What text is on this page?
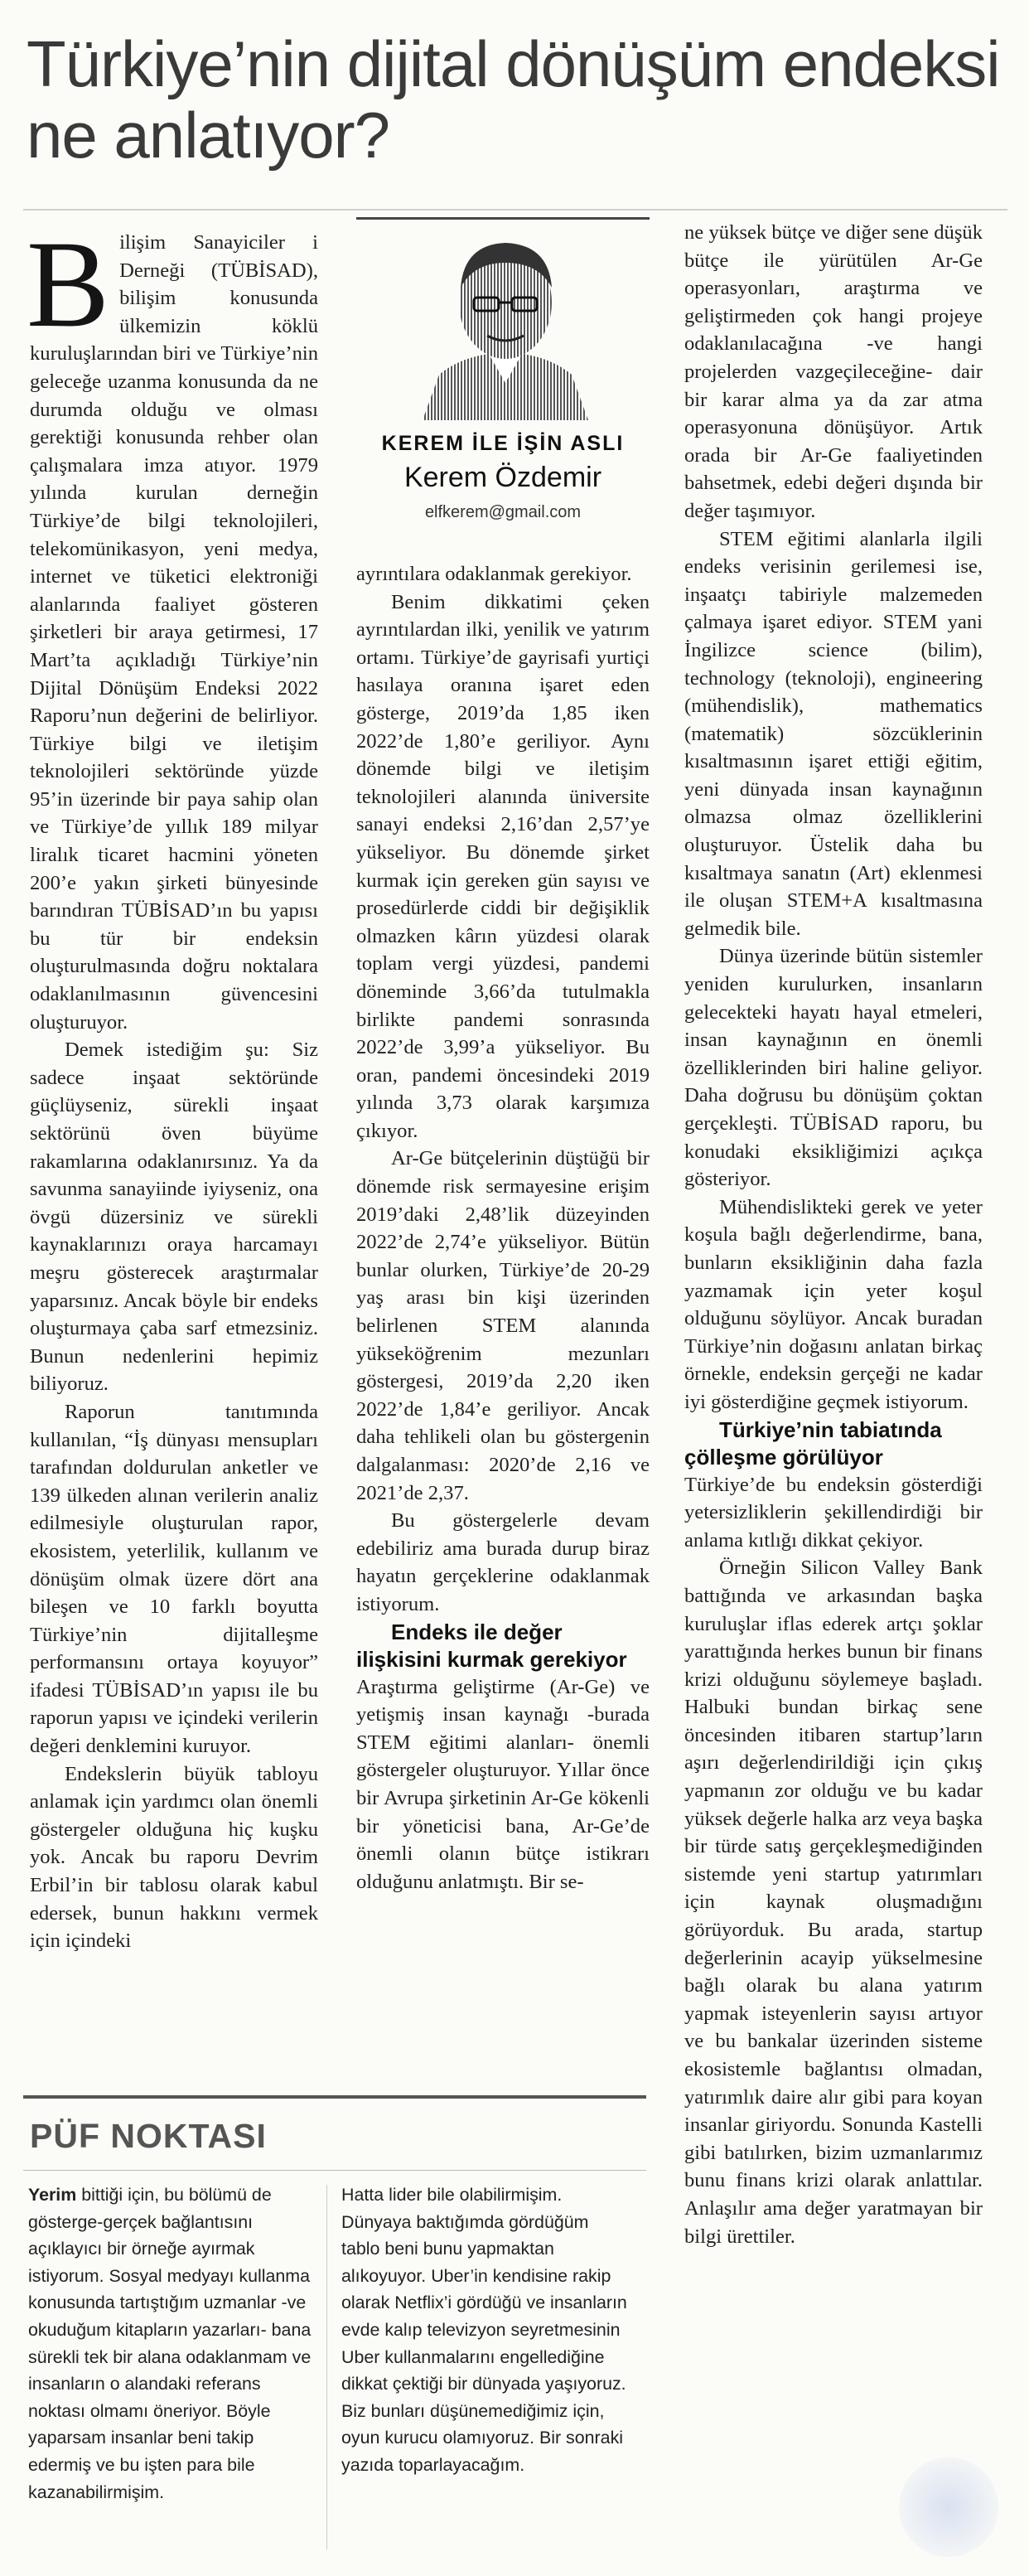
Türkiye’nin dijital dönüşüm endeksi ne anlatıyor?

Bilişim Sanayiciler i Derneği (TÜBİSAD), bilişim konusunda ülkemizin köklü kuruluşlarından biri ve Türkiye’nin geleceğe uzanma konusunda da ne durumda olduğu ve olması gerektiği konusunda rehber olan çalışmalara imza atıyor. 1979 yılında kurulan derneğin Türkiye’de bilgi teknolojileri, telekomünikasyon, yeni medya, internet ve tüketici elektroniği alanlarında faaliyet gösteren şirketleri bir araya getirmesi, 17 Mart’ta açıkladığı Türkiye’nin Dijital Dönüşüm Endeksi 2022 Raporu’nun değerini de belirliyor. Türkiye bilgi ve iletişim teknolojileri sektöründe yüzde 95’in üzerinde bir paya sahip olan ve Türkiye’de yıllık 189 milyar liralık ticaret hacmini yöneten 200’e yakın şirketi bünyesinde barındıran TÜBİSAD’ın bu yapısı bu tür bir endeksin oluşturulmasında doğru noktalara odaklanılmasının güvencesini oluşturuyor.

Demek istediğim şu: Siz sadece inşaat sektöründe güçlüyseniz, sürekli inşaat sektörünü öven büyüme rakamlarına odaklanırsınız. Ya da savunma sanayiinde iyiyseniz, ona övgü düzersiniz ve sürekli kaynaklarınızı oraya harcamayı meşru gösterecek araştırmalar yaparsınız. Ancak böyle bir endeks oluşturmaya çaba sarf etmezsiniz. Bunun nedenlerini hepimiz biliyoruz.

Raporun tanıtımında kullanılan, “İş dünyası mensupları tarafından doldurulan anketler ve 139 ülkeden alınan verilerin analiz edilmesiyle oluşturulan rapor, ekosistem, yeterlilik, kullanım ve dönüşüm olmak üzere dört ana bileşen ve 10 farklı boyutta Türkiye’nin dijitalleşme performansını ortaya koyuyor” ifadesi TÜBİSAD’ın yapısı ile bu raporun yapısı ve içindeki verilerin değeri denklemini kuruyor.

Endekslerin büyük tabloyu anlamak için yardımcı olan önemli göstergeler olduğuna hiç kuşku yok. Ancak bu raporu Devrim Erbil’in bir tablosu olarak kabul edersek, bunun hakkını vermek için içindeki

KEREM İLE İŞİN ASLI
Kerem Özdemir
elfkerem@gmail.com

ayrıntılara odaklanmak gerekiyor.

Benim dikkatimi çeken ayrıntılardan ilki, yenilik ve yatırım ortamı. Türkiye’de gayrisafi yurtiçi hasılaya oranına işaret eden gösterge, 2019’da 1,85 iken 2022’de 1,80’e geriliyor. Aynı dönemde bilgi ve iletişim teknolojileri alanında üniversite sanayi endeksi 2,16’dan 2,57’ye yükseliyor. Bu dönemde şirket kurmak için gereken gün sayısı ve prosedürlerde ciddi bir değişiklik olmazken kârın yüzdesi olarak toplam vergi yüzdesi, pandemi döneminde 3,66’da tutulmakla birlikte pandemi sonrasında 2022’de 3,99’a yükseliyor. Bu oran, pandemi öncesindeki 2019 yılında 3,73 olarak karşımıza çıkıyor.

Ar-Ge bütçelerinin düştüğü bir dönemde risk sermayesine erişim 2019’daki 2,48’lik düzeyinden 2022’de 2,74’e yükseliyor. Bütün bunlar olurken, Türkiye’de 20-29 yaş arası bin kişi üzerinden belirlenen STEM alanında yükseköğrenim mezunları göstergesi, 2019’da 2,20 iken 2022’de 1,84’e geriliyor. Ancak daha tehlikeli olan bu göstergenin dalgalanması: 2020’de 2,16 ve 2021’de 2,37.

Bu göstergelerle devam edebiliriz ama burada durup biraz hayatın gerçeklerine odaklanmak istiyorum.

Endeks ile değer ilişkisini kurmak gerekiyor

Araştırma geliştirme (Ar-Ge) ve yetişmiş insan kaynağı -burada STEM eğitimi alanları- önemli göstergeler oluşturuyor. Yıllar önce bir Avrupa şirketinin Ar-Ge kökenli bir yöneticisi bana, Ar-Ge’de önemli olanın bütçe istikrarı olduğunu anlatmıştı. Bir se-

ne yüksek bütçe ve diğer sene düşük bütçe ile yürütülen Ar-Ge operasyonları, araştırma ve geliştirmeden çok hangi projeye odaklanılacağına -ve hangi projelerden vazgeçileceğine- dair bir karar alma ya da zar atma operasyonuna dönüşüyor. Artık orada bir Ar-Ge faaliyetinden bahsetmek, edebi değeri dışında bir değer taşımıyor.

STEM eğitimi alanlarla ilgili endeks verisinin gerilemesi ise, inşaatçı tabiriyle malzemeden çalmaya işaret ediyor. STEM yani İngilizce science (bilim), technology (teknoloji), engineering (mühendislik), mathematics (matematik) sözcüklerinin kısaltmasının işaret ettiği eğitim, yeni dünyada insan kaynağının olmazsa olmaz özelliklerini oluşturuyor. Üstelik daha bu kısaltmaya sanatın (Art) eklenmesi ile oluşan STEM+A kısaltmasına gelmedik bile.

Dünya üzerinde bütün sistemler yeniden kurulurken, insanların gelecekteki hayatı hayal etmeleri, insan kaynağının en önemli özelliklerinden biri haline geliyor. Daha doğrusu bu dönüşüm çoktan gerçekleşti. TÜBİSAD raporu, bu konudaki eksikliğimizi açıkça gösteriyor.

Mühendislikteki gerek ve yeter koşula bağlı değerlendirme, bana, bunların eksikliğinin daha fazla yazmamak için yeter koşul olduğunu söylüyor. Ancak buradan Türkiye’nin doğasını anlatan birkaç örnekle, endeksin gerçeği ne kadar iyi gösterdiğine geçmek istiyorum.

Türkiye’nin tabiatında çölleşme görülüyor

Türkiye’de bu endeksin gösterdiği yetersizliklerin şekillendirdiği bir anlama kıtlığı dikkat çekiyor.

Örneğin Silicon Valley Bank battığında ve arkasından başka kuruluşlar iflas ederek artçı şoklar yarattığında herkes bunun bir finans krizi olduğunu söylemeye başladı. Halbuki bundan birkaç sene öncesinden itibaren startup’ların aşırı değerlendirildiği için çıkış yapmanın zor olduğu ve bu kadar yüksek değerle halka arz veya başka bir türde satış gerçekleşmediğinden sistemde yeni startup yatırımları için kaynak oluşmadığını görüyorduk. Bu arada, startup değerlerinin acayip yükselmesine bağlı olarak bu alana yatırım yapmak isteyenlerin sayısı artıyor ve bu bankalar üzerinden sisteme ekosistemle bağlantısı olmadan, yatırımlık daire alır gibi para koyan insanlar giriyordu. Sonunda Kastelli gibi batılırken, bizim uzmanlarımız bunu finans krizi olarak anlattılar. Anlaşılır ama değer yaratmayan bir bilgi ürettiler.

PÜF NOKTASI

Yerim bittiği için, bu bölümü de gösterge-gerçek bağlantısını açıklayıcı bir örneğe ayırmak istiyorum. Sosyal medyayı kullanma konusunda tartıştığım uzmanlar -ve okuduğum kitapların yazarları- bana sürekli tek bir alana odaklanmam ve insanların o alandaki referans noktası olmamı öneriyor. Böyle yaparsam insanlar beni takip edermiş ve bu işten para bile kazanabilirmişim.

Hatta lider bile olabilirmişim. Dünyaya baktığımda gördüğüm tablo beni bunu yapmaktan alıkoyuyor. Uber’in kendisine rakip olarak Netflix’i gördüğü ve insanların evde kalıp televizyon seyretmesinin Uber kullanmalarını engellediğine dikkat çektiği bir dünyada yaşıyoruz. Biz bunları düşünemediğimiz için, oyun kurucu olamıyoruz. Bir sonraki yazıda toparlayacağım.
